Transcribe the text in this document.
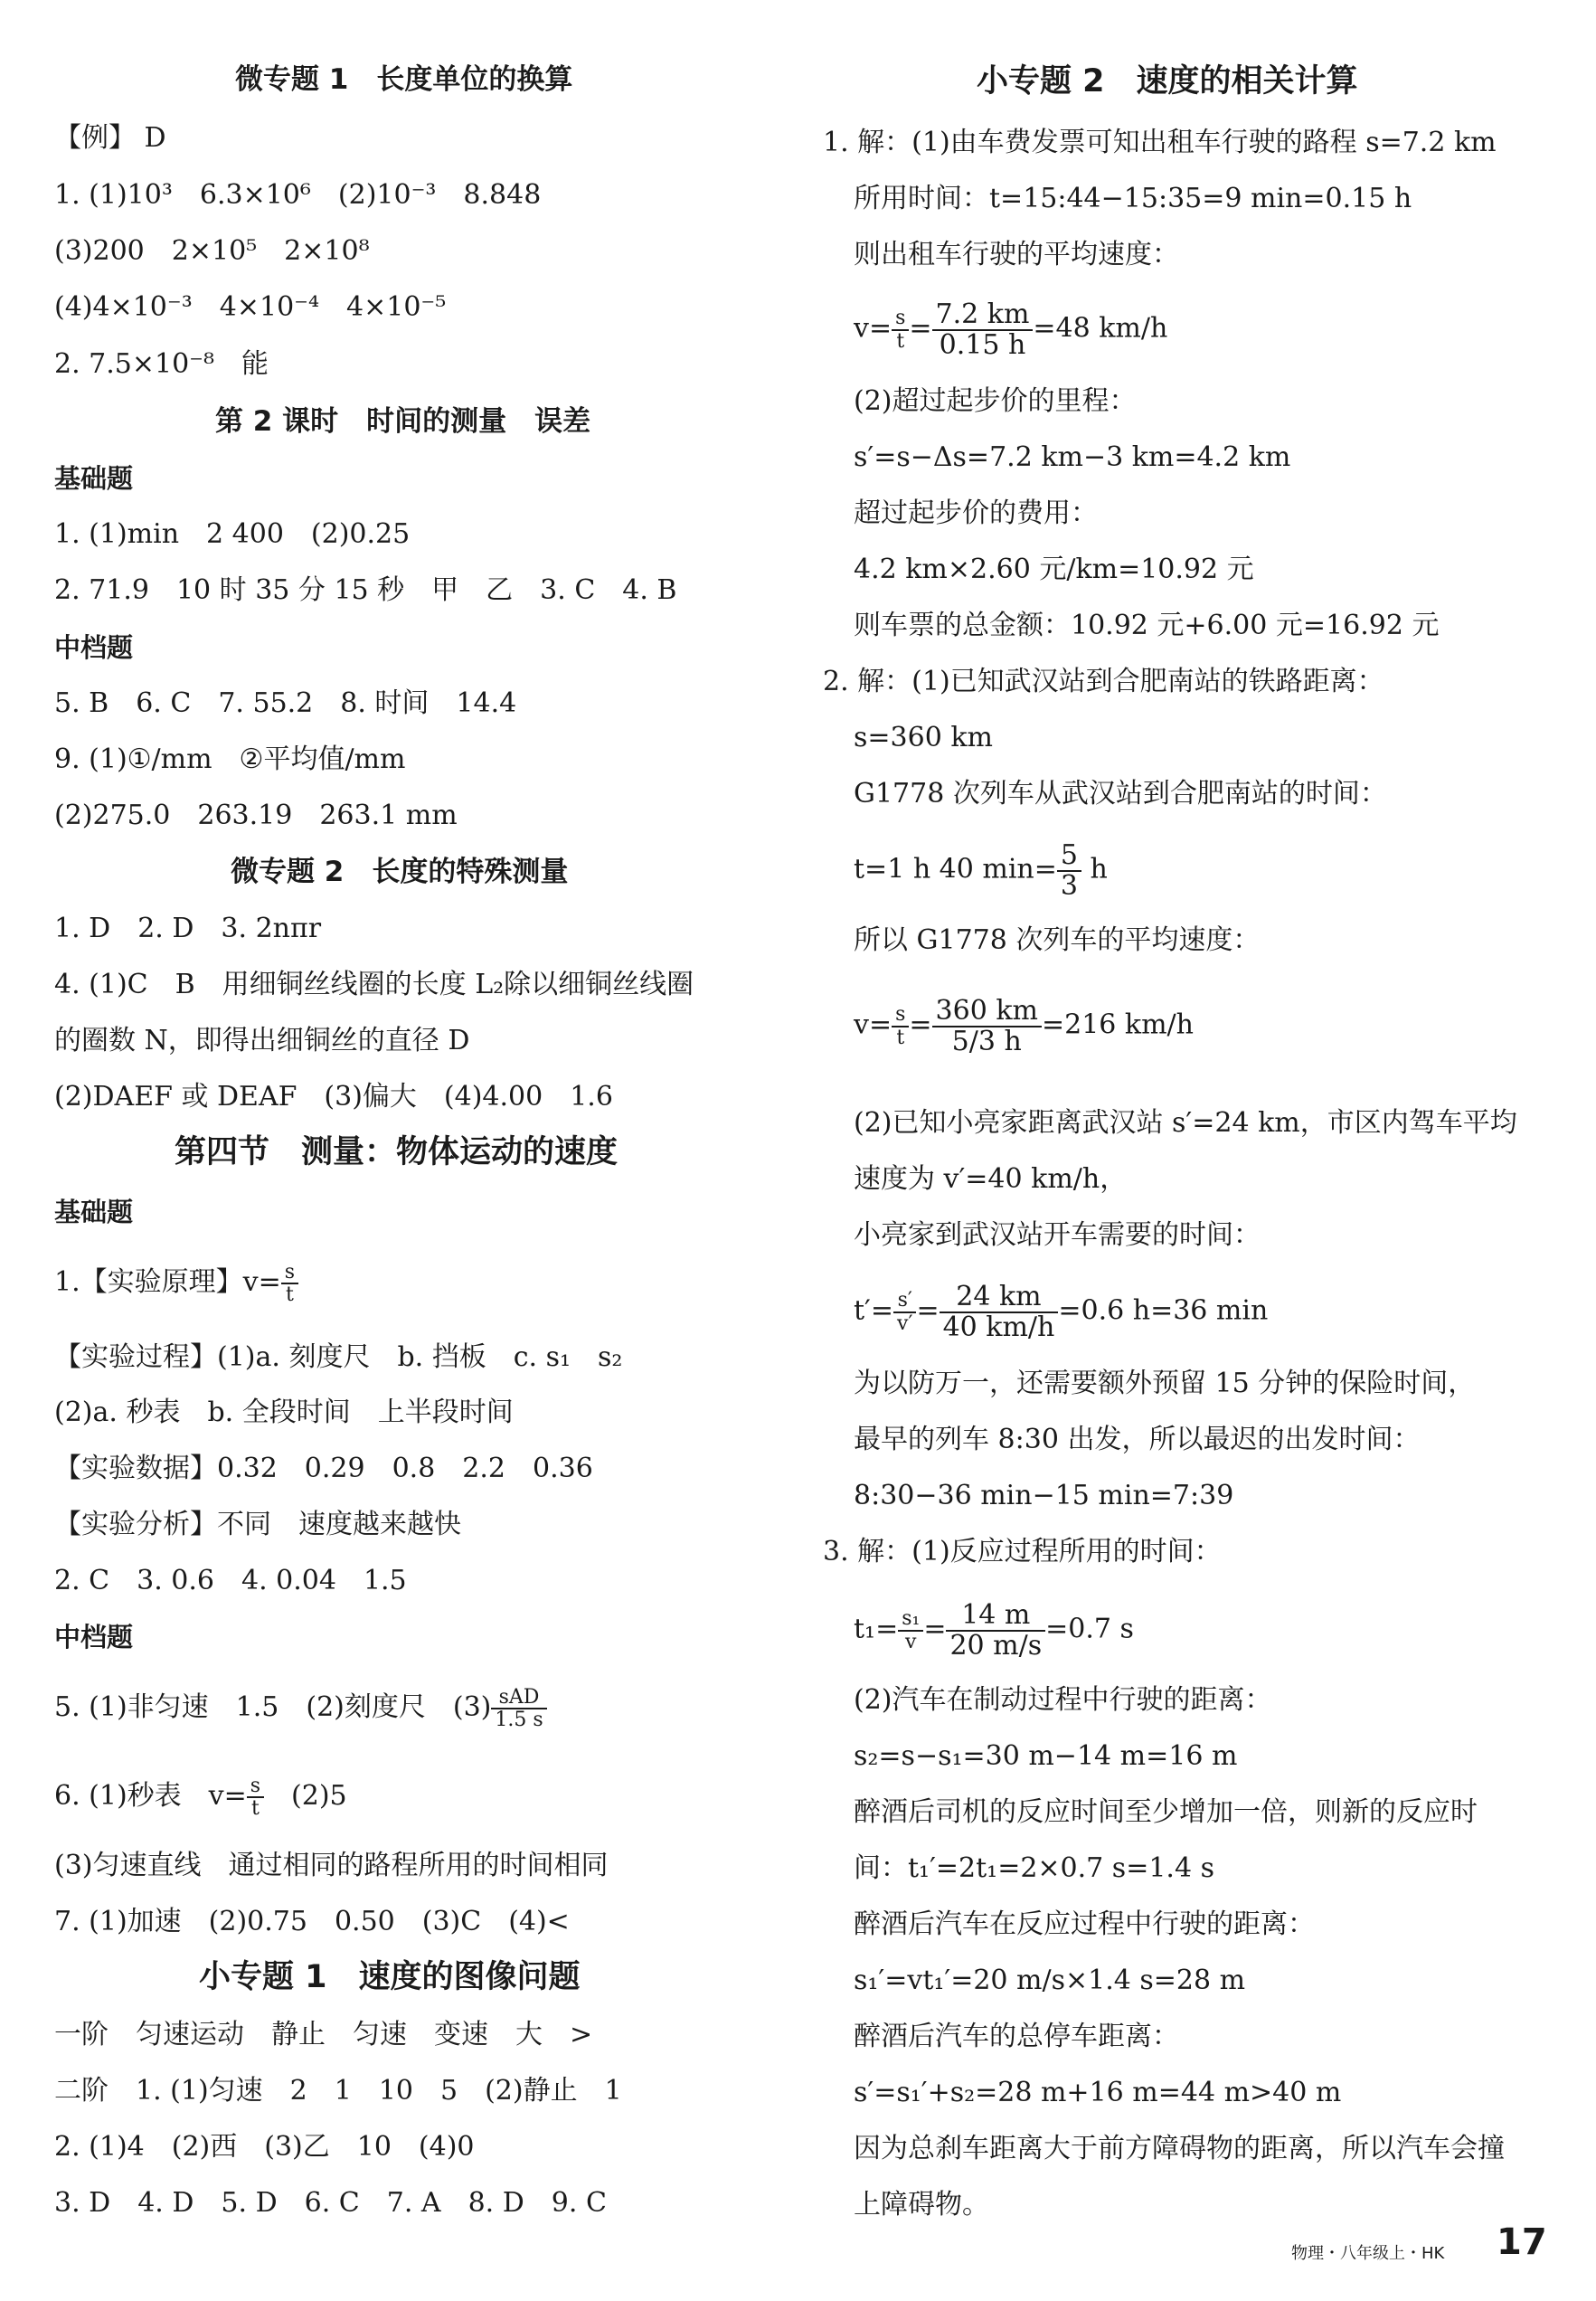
微专题 1　长度单位的换算
【例】 D
1. (1)10³　6.3×10⁶　(2)10⁻³　8.848
(3)200　2×10⁵　2×10⁸
(4)4×10⁻³　4×10⁻⁴　4×10⁻⁵
2. 7.5×10⁻⁸　能
第 2 课时　时间的测量　误差
基础题
1. (1)min　2 400　(2)0.25
2. 71.9　10 时 35 分 15 秒　甲　乙　3. C　4. B
中档题
5. B　6. C　7. 55.2　8. 时间　14.4
9. (1)①/mm　②平均值/mm
(2)275.0　263.19　263.1 mm
微专题 2　长度的特殊测量
1. D　2. D　3. 2nπr
4. (1)C　B　用细铜丝线圈的长度 L₂除以细铜丝线圈
的圈数 N，即得出细铜丝的直径 D
(2)DAEF 或 DEAF　(3)偏大　(4)4.00　1.6
第四节　测量：物体运动的速度
基础题
1.【实验原理】$v= \frac{s}{t}$
【实验过程】(1)a. 刻度尺　b. 挡板　c. s₁　s₂
(2)a. 秒表　b. 全段时间　上半段时间
【实验数据】0.32　0.29　0.8　2.2　0.36
【实验分析】不同　速度越来越快
2. C　3. 0.6　4. 0.04　1.5
中档题
5. (1)非匀速　1.5　(2)刻度尺　$(3) \frac{\text{sAD}}{1.5 s}$
6. (1)秒表　$v= \frac{s}{t}$ 　(2)5
(3)匀速直线　通过相同的路程所用的时间相同
7. (1)加速　(2)0.75　0.50　(3)C　(4)<
小专题 1　速度的图像问题
一阶　匀速运动　静止　匀速　变速　大　>
二阶　1. (1)匀速　2　1　10　5　(2)静止　1
2. (1)4　(2)西　(3)乙　10　(4)0
3. D　4. D　5. D　6. C　7. A　8. D　9. C
小专题 2　速度的相关计算
1. 解：(1)由车费发票可知出租车行驶的路程 s=7.2 km
所用时间：t=15:44−15:35=9 min=0.15 h
则出租车行驶的平均速度：
$v= \frac{s}{t} = \frac{7.2 km}{0.15 h} =48$ km/h
(2)超过起步价的里程：
s′=s−Δs=7.2 km−3 km=4.2 km
超过起步价的费用：
4.2 km×2.60 元/km=10.92 元
则车票的总金额：10.92 元+6.00 元=16.92 元
2. 解：(1)已知武汉站到合肥南站的铁路距离：
s=360 km
G1778 次列车从武汉站到合肥南站的时间：
t=1 h 40 $\min= \frac{5}{3}$ h
所以 G1778 次列车的平均速度：
$v= \frac{s}{t} = \frac{360 km}{5/3 h} =216$ km/h
(2)已知小亮家距离武汉站 s′=24 km，市区内驾车平均
速度为 v′=40 km/h，
小亮家到武汉站开车需要的时间：
$t'= \frac{s'}{v'} = \frac{24 km}{40 km/h} =0.6$ h=36 min
为以防万一，还需要额外预留 15 分钟的保险时间，
最早的列车 8:30 出发，所以最迟的出发时间：
8:30−36 min−15 min=7:39
3. 解：(1)反应过程所用的时间：
$t_1= \frac{\text{s₁}}{v} = \frac{14 m}{20 m/s} =0.7$ s
(2)汽车在制动过程中行驶的距离：
s₂=s−s₁=30 m−14 m=16 m
醉酒后司机的反应时间至少增加一倍，则新的反应时
间：t₁′=2t₁=2×0.7 s=1.4 s
醉酒后汽车在反应过程中行驶的距离：
s₁′=vt₁′=20 m/s×1.4 s=28 m
醉酒后汽车的总停车距离：
s′=s₁′+s₂=28 m+16 m=44 m>40 m
因为总刹车距离大于前方障碍物的距离，所以汽车会撞
上障碍物。
物理・八年级上・HK 17
